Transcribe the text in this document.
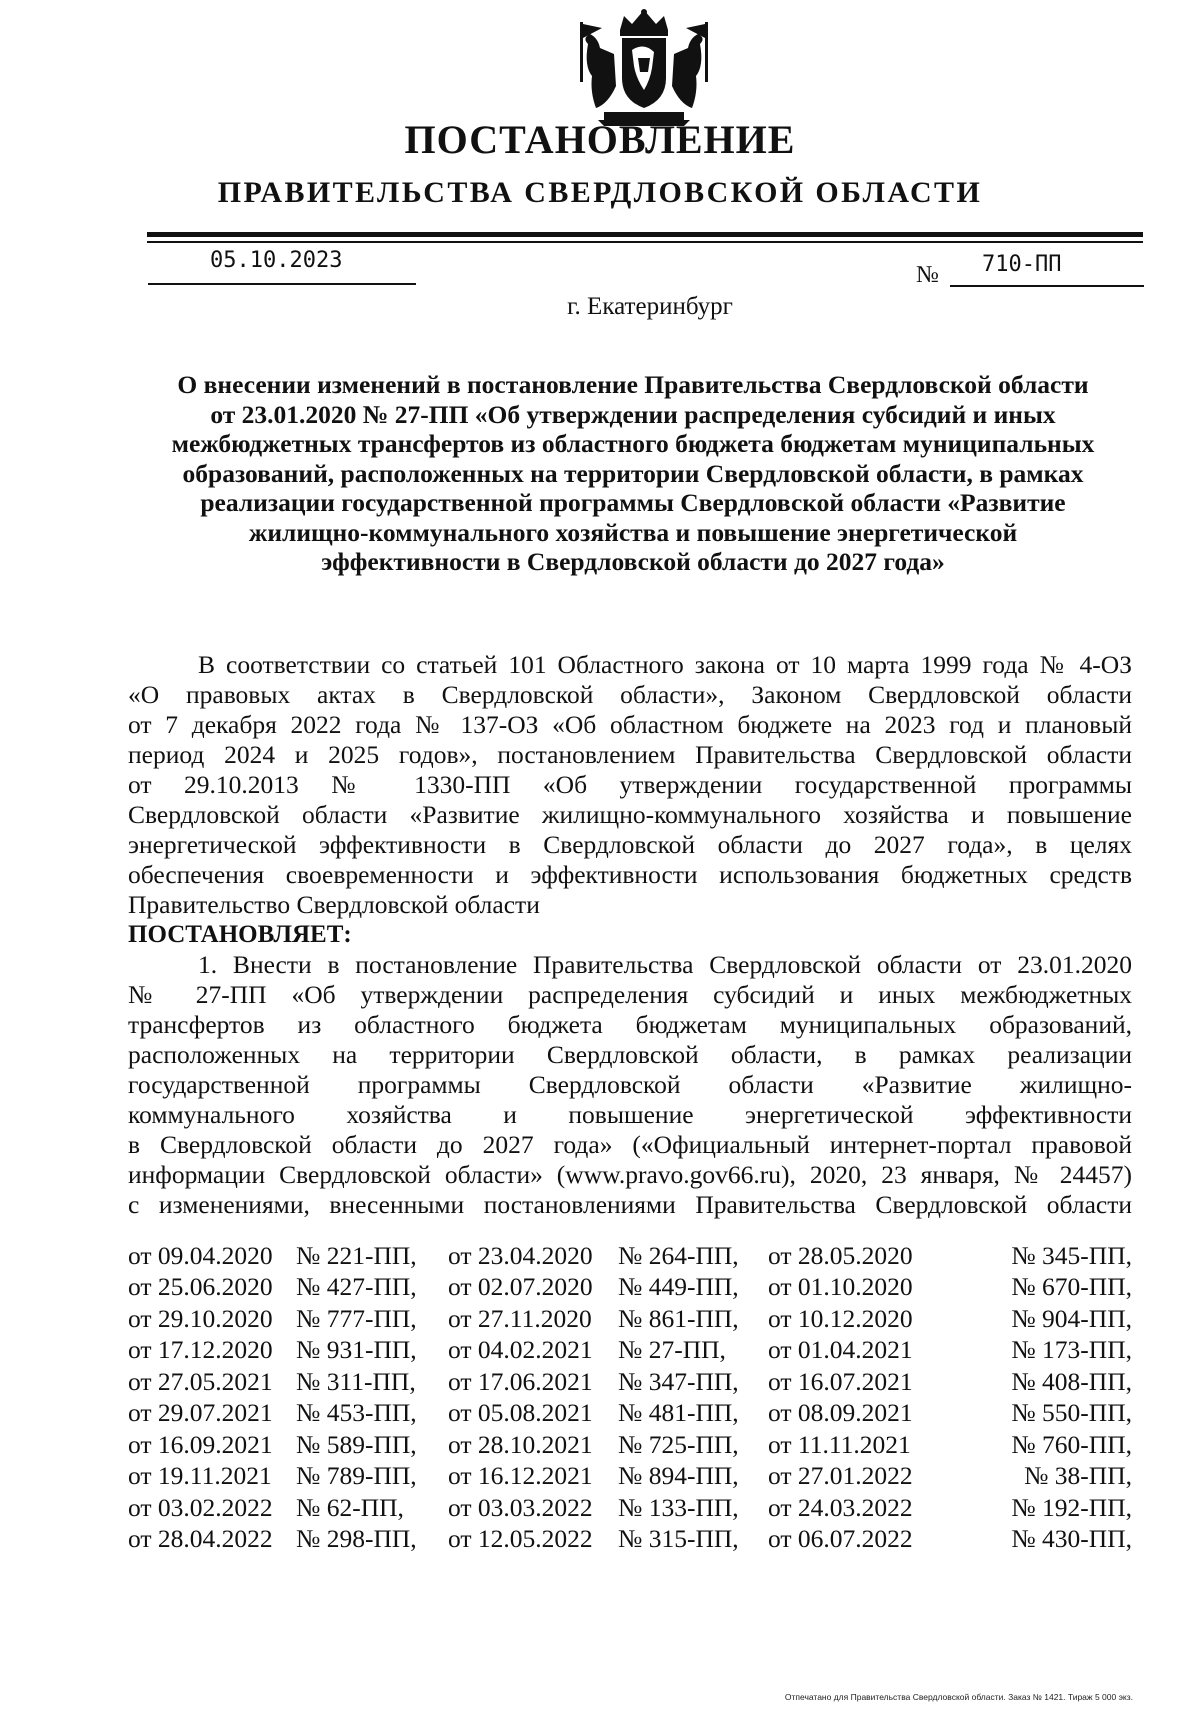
ПОСТАНОВЛЕНИЕ
ПРАВИТЕЛЬСТВА СВЕРДЛОВСКОЙ ОБЛАСТИ
05.10.2023
№ 710-ПП
г. Екатеринбург
О внесении изменений в постановление Правительства Свердловской области
от 23.01.2020 № 27-ПП «Об утверждении распределения субсидий и иных
межбюджетных трансфертов из областного бюджета бюджетам муниципальных
образований, расположенных на территории Свердловской области, в рамках
реализации государственной программы Свердловской области «Развитие
жилищно-коммунального хозяйства и повышение энергетической
эффективности в Свердловской области до 2027 года»
В соответствии со статьей 101 Областного закона от 10 марта 1999 года № 4-ОЗ
«О правовых актах в Свердловской области», Законом Свердловской области
от 7 декабря 2022 года № 137-ОЗ «Об областном бюджете на 2023 год и плановый
период 2024 и 2025 годов», постановлением Правительства Свердловской области
от 29.10.2013 № 1330-ПП «Об утверждении государственной программы
Свердловской области «Развитие жилищно-коммунального хозяйства и повышение
энергетической эффективности в Свердловской области до 2027 года», в целях
обеспечения своевременности и эффективности использования бюджетных средств
Правительство Свердловской области
ПОСТАНОВЛЯЕТ:
1. Внести в постановление Правительства Свердловской области от 23.01.2020
№ 27-ПП «Об утверждении распределения субсидий и иных межбюджетных
трансфертов из областного бюджета бюджетам муниципальных образований,
расположенных на территории Свердловской области, в рамках реализации
государственной программы Свердловской области «Развитие жилищно-
коммунального хозяйства и повышение энергетической эффективности
в Свердловской области до 2027 года» («Официальный интернет-портал правовой
информации Свердловской области» (www.pravo.gov66.ru), 2020, 23 января, № 24457)
с изменениями, внесенными постановлениями Правительства Свердловской области
от 09.04.2020	№ 221-ПП,	от 23.04.2020	№ 264-ПП,	от 28.05.2020	№ 345-ПП,
от 25.06.2020	№ 427-ПП,	от 02.07.2020	№ 449-ПП,	от 01.10.2020	№ 670-ПП,
от 29.10.2020	№ 777-ПП,	от 27.11.2020	№ 861-ПП,	от 10.12.2020	№ 904-ПП,
от 17.12.2020	№ 931-ПП,	от 04.02.2021	№ 27-ПП,	от 01.04.2021	№ 173-ПП,
от 27.05.2021	№ 311-ПП,	от 17.06.2021	№ 347-ПП,	от 16.07.2021	№ 408-ПП,
от 29.07.2021	№ 453-ПП,	от 05.08.2021	№ 481-ПП,	от 08.09.2021	№ 550-ПП,
от 16.09.2021	№ 589-ПП,	от 28.10.2021	№ 725-ПП,	от 11.11.2021	№ 760-ПП,
от 19.11.2021	№ 789-ПП,	от 16.12.2021	№ 894-ПП,	от 27.01.2022	№ 38-ПП,
от 03.02.2022	№ 62-ПП,	от 03.03.2022	№ 133-ПП,	от 24.03.2022	№ 192-ПП,
от 28.04.2022	№ 298-ПП,	от 12.05.2022	№ 315-ПП,	от 06.07.2022	№ 430-ПП,
Отпечатано для Правительства Свердловской области. Заказ № 1421. Тираж 5 000 экз.
